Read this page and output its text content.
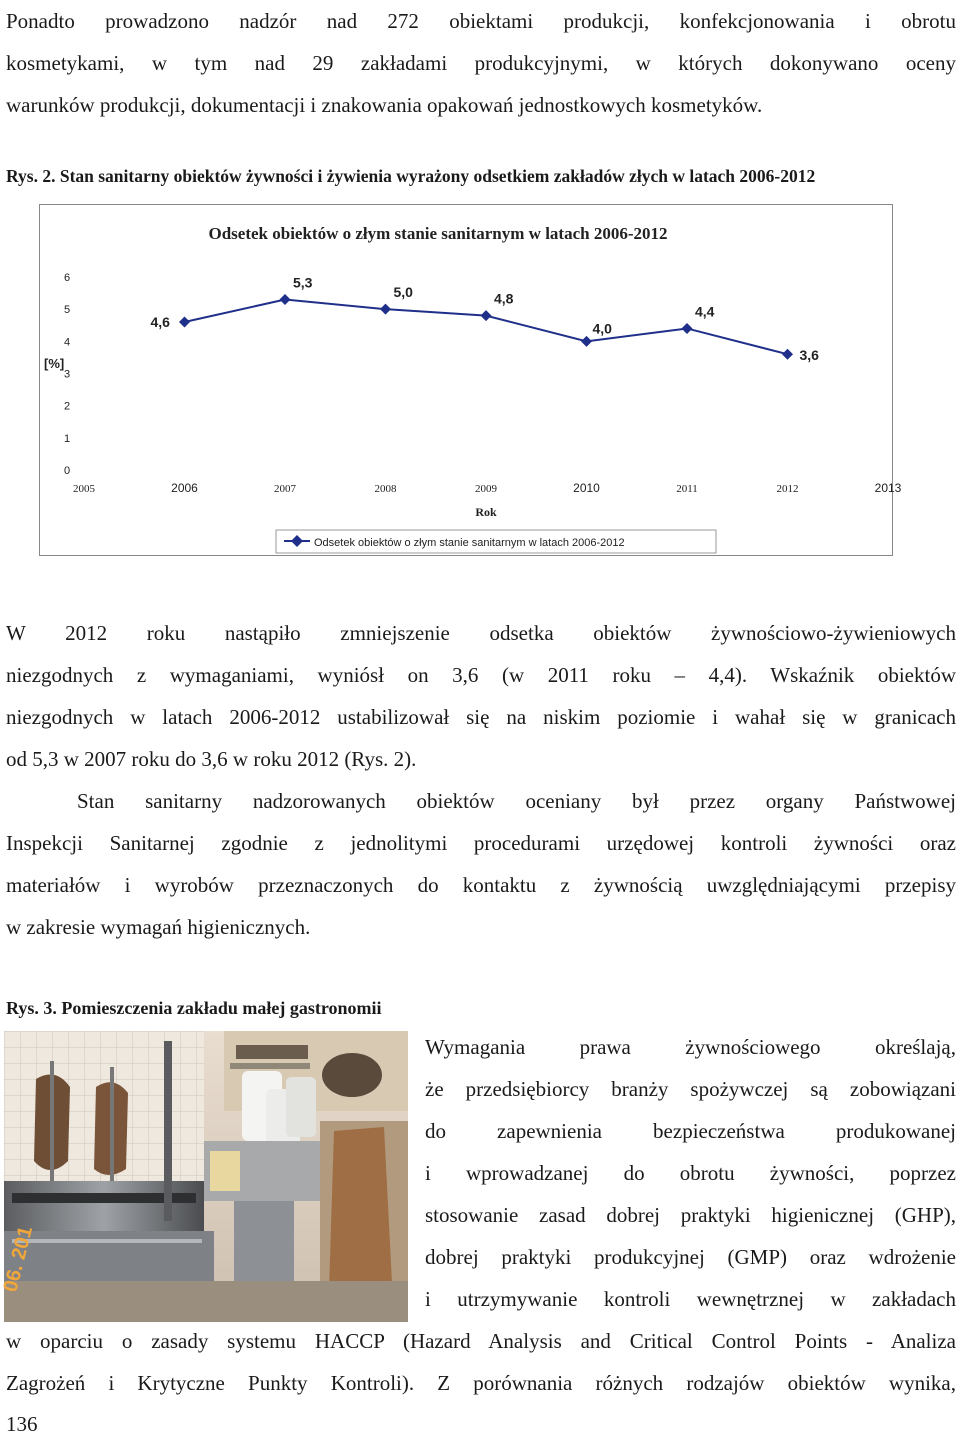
Ponadto prowadzono nadzór nad 272 obiektami produkcji, konfekcjonowania i obrotu
kosmetykami, w tym nad 29 zakładami produkcyjnymi, w których dokonywano oceny
warunków produkcji, dokumentacji i znakowania opakowań jednostkowych kosmetyków.
Rys. 2. Stan sanitarny obiektów żywności i żywienia wyrażony odsetkiem zakładów złych w latach 2006-2012
Odsetek obiektów o złym stanie sanitarnym w latach 2006-2012
[%]
Rok
0
1
2
3
4
5
6
2005	2006	2007	2008	2009	2010	2011	2012	2013
4,6
5,3
5,0	4,8
4,0
4,4
3,6
Odsetek obiektów o złym stanie sanitarnym w latach 2006-2012
W 2012 roku nastąpiło zmniejszenie odsetka obiektów żywnościowo-żywieniowych
niezgodnych z wymaganiami, wyniósł on 3,6 (w 2011 roku – 4,4). Wskaźnik obiektów
niezgodnych w latach 2006-2012 ustabilizował się na niskim poziomie i wahał się w granicach
od 5,3 w 2007 roku do 3,6 w roku 2012 (Rys. 2).
Stan sanitarny nadzorowanych obiektów oceniany był przez organy Państwowej
Inspekcji Sanitarnej zgodnie z jednolitymi procedurami urzędowej kontroli żywności oraz
materiałów i wyrobów przeznaczonych do kontaktu z żywnością uwzględniającymi przepisy
w zakresie wymagań higienicznych.
Rys. 3. Pomieszczenia zakładu małej gastronomii
06. 201
Wymagania prawa żywnościowego określają,
że przedsiębiorcy branży spożywczej są zobowiązani
do zapewnienia bezpieczeństwa produkowanej
i wprowadzanej do obrotu żywności, poprzez
stosowanie zasad dobrej praktyki higienicznej (GHP),
dobrej praktyki produkcyjnej (GMP) oraz wdrożenie
i utrzymywanie kontroli wewnętrznej w zakładach
w oparciu o zasady systemu HACCP (Hazard Analysis and Critical Control Points - Analiza
Zagrożeń i Krytyczne Punkty Kontroli). Z porównania różnych rodzajów obiektów wynika,
136
